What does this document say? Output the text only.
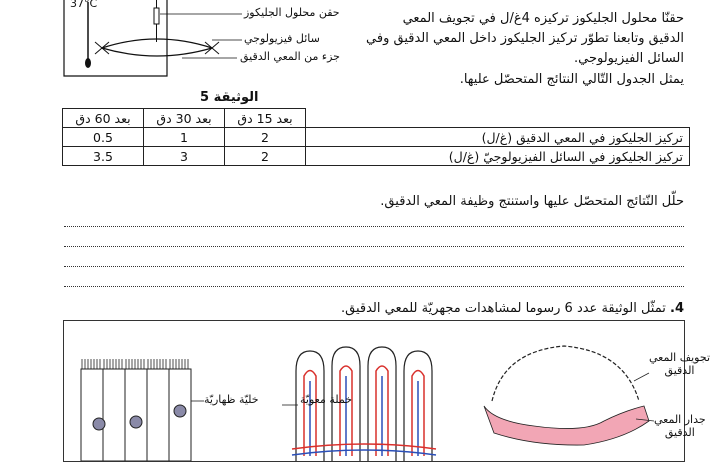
37°C
حقن محلول الجليكوز
سائل فيزيولوجي
جزء من المعي الدقيق
حقنّا محلول الجليكوز تركيزه 4غ/ل في تجويف المعي
الدقيق وتابعنا تطوّر تركيز الجليكوز داخل المعي الدقيق وفي
السائل الفيزيولوجي.
يمثل الجدول التّالي النتائج المتحصّل عليها.
الوثيقة 5
	بعد 15 دق	بعد 30 دق	بعد 60 دق
تركيز الجليكوز في المعي الدقيق (غ/ل)	2	1	0.5
تركيز الجليكوز في السائل الفيزيولوجيّ (غ/ل)	2	3	3.5
حلّل النّتائج المتحصّل عليها واستنتج وظيفة المعي الدقيق.
4. تمثّل الوثيقة عدد 6 رسوما لمشاهدات مجهريّة للمعي الدقيق.
خليّة ظهاريّة	خملة معويّة
تجويف المعي
الدقيق
جدار المعي
الدقيق
